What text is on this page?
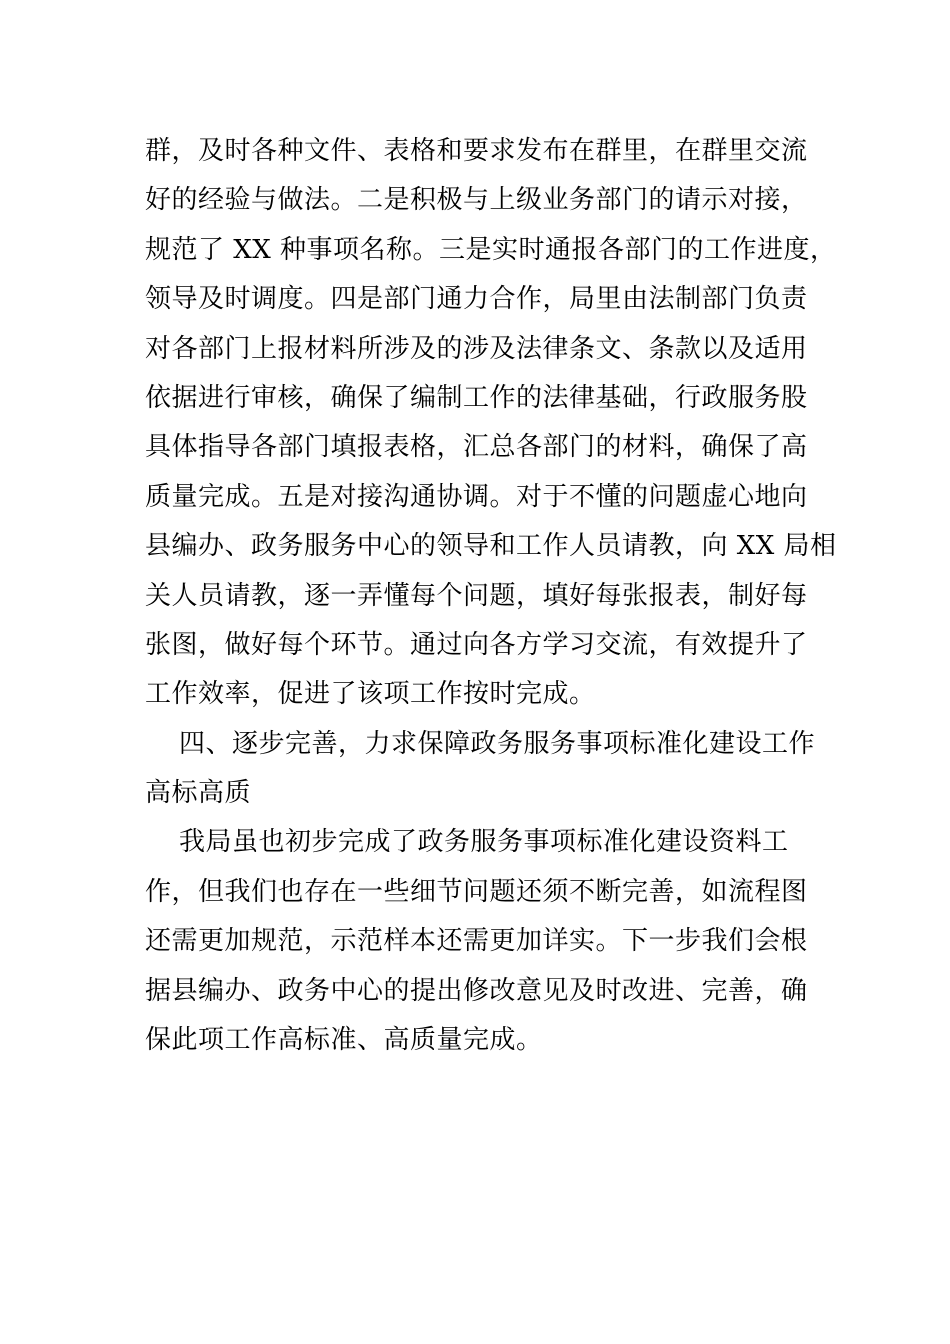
群，及时各种文件、表格和要求发布在群里，在群里交流

好的经验与做法。二是积极与上级业务部门的请示对接，

规范了 XX 种事项名称。三是实时通报各部门的工作进度，

领导及时调度。四是部门通力合作，局里由法制部门负责

对各部门上报材料所涉及的涉及法律条文、条款以及适用

依据进行审核，确保了编制工作的法律基础，行政服务股

具体指导各部门填报表格，汇总各部门的材料，确保了高

质量完成。五是对接沟通协调。对于不懂的问题虚心地向

县编办、政务服务中心的领导和工作人员请教，向 XX 局相

关人员请教，逐一弄懂每个问题，填好每张报表，制好每

张图，做好每个环节。通过向各方学习交流，有效提升了

工作效率，促进了该项工作按时完成。

四、逐步完善，力求保障政务服务事项标准化建设工作

高标高质

我局虽也初步完成了政务服务事项标准化建设资料工

作，但我们也存在一些细节问题还须不断完善，如流程图

还需更加规范，示范样本还需更加详实。下一步我们会根

据县编办、政务中心的提出修改意见及时改进、完善，确

保此项工作高标准、高质量完成。
